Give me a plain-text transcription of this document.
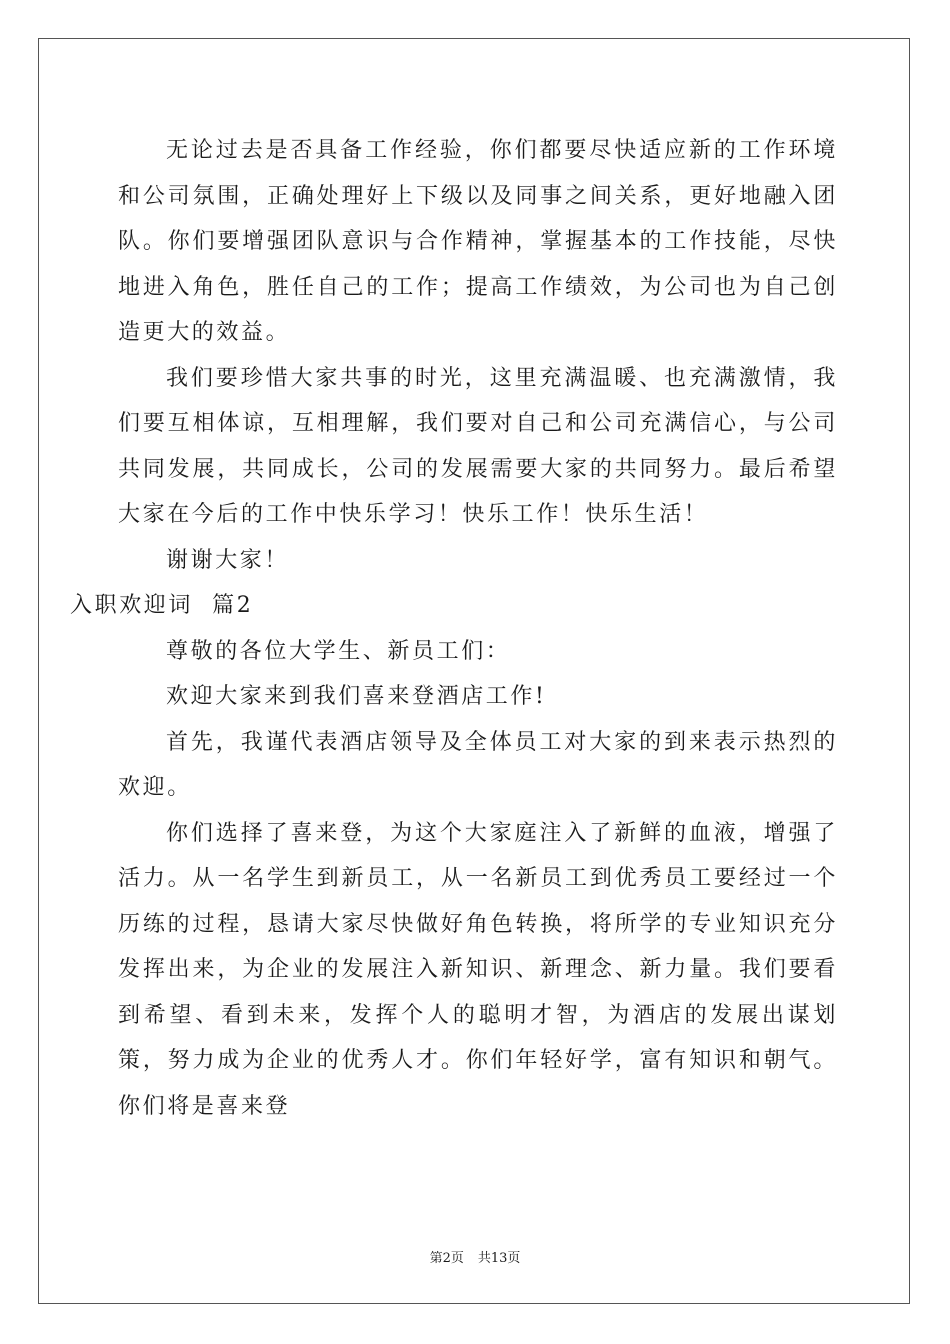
无论过去是否具备工作经验，你们都要尽快适应新的工作环境和公司氛围，正确处理好上下级以及同事之间关系，更好地融入团队。你们要增强团队意识与合作精神，掌握基本的工作技能，尽快地进入角色，胜任自己的工作；提高工作绩效，为公司也为自己创造更大的效益。

我们要珍惜大家共事的时光，这里充满温暖、也充满激情，我们要互相体谅，互相理解，我们要对自己和公司充满信心，与公司共同发展，共同成长，公司的发展需要大家的共同努力。最后希望大家在今后的工作中快乐学习！快乐工作！快乐生活！

谢谢大家！

入职欢迎词  篇2

尊敬的各位大学生、新员工们：

欢迎大家来到我们喜来登酒店工作!

首先，我谨代表酒店领导及全体员工对大家的到来表示热烈的欢迎。

你们选择了喜来登，为这个大家庭注入了新鲜的血液，增强了活力。从一名学生到新员工，从一名新员工到优秀员工要经过一个历练的过程，恳请大家尽快做好角色转换，将所学的专业知识充分发挥出来，为企业的发展注入新知识、新理念、新力量。我们要看到希望、看到未来，发挥个人的聪明才智，为酒店的发展出谋划策，努力成为企业的优秀人才。你们年轻好学，富有知识和朝气。你们将是喜来登

第2页 共13页
